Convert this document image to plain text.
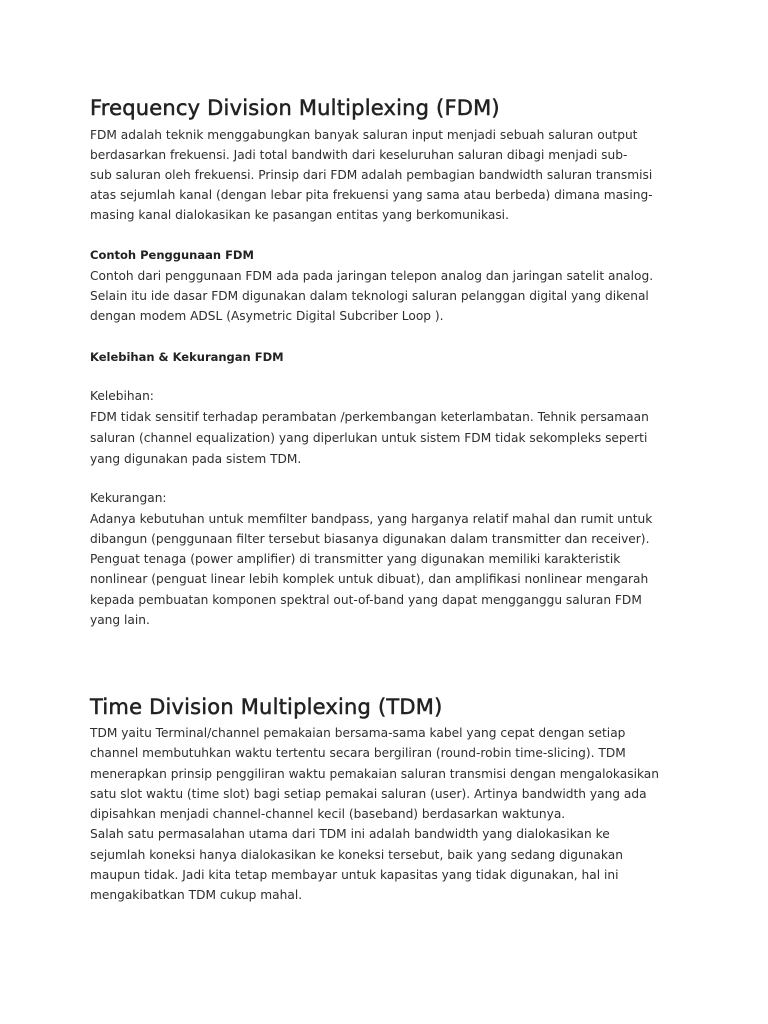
Frequency Division Multiplexing (FDM)

FDM adalah teknik menggabungkan banyak saluran input menjadi sebuah saluran output

berdasarkan frekuensi. Jadi total bandwith dari keseluruhan saluran dibagi menjadi sub-

sub saluran oleh frekuensi. Prinsip dari FDM adalah pembagian bandwidth saluran transmisi

atas sejumlah kanal (dengan lebar pita frekuensi yang sama atau berbeda) dimana masing-

masing kanal dialokasikan ke pasangan entitas yang berkomunikasi.

Contoh Penggunaan FDM

Contoh dari penggunaan FDM ada pada jaringan telepon analog dan jaringan satelit analog.

Selain itu ide dasar FDM digunakan dalam teknologi saluran pelanggan digital yang dikenal

dengan modem ADSL (Asymetric Digital Subcriber Loop ).

Kelebihan & Kekurangan FDM

Kelebihan:

FDM tidak sensitif terhadap perambatan /perkembangan keterlambatan. Tehnik persamaan

saluran (channel equalization) yang diperlukan untuk sistem FDM tidak sekompleks seperti

yang digunakan pada sistem TDM.

Kekurangan:

Adanya kebutuhan untuk memfilter bandpass, yang harganya relatif mahal dan rumit untuk

dibangun (penggunaan filter tersebut biasanya digunakan dalam transmitter dan receiver).

Penguat tenaga (power amplifier) di transmitter yang digunakan memiliki karakteristik

nonlinear (penguat linear lebih komplek untuk dibuat), dan amplifikasi nonlinear mengarah

kepada pembuatan komponen spektral out-of-band yang dapat mengganggu saluran FDM

yang lain.

Time Division Multiplexing (TDM)

TDM yaitu Terminal/channel pemakaian bersama-sama kabel yang cepat dengan setiap

channel membutuhkan waktu tertentu secara bergiliran (round-robin time-slicing). TDM

menerapkan prinsip penggiliran waktu pemakaian saluran transmisi dengan mengalokasikan

satu slot waktu (time slot) bagi setiap pemakai saluran (user). Artinya bandwidth yang ada

dipisahkan menjadi channel-channel kecil (baseband) berdasarkan waktunya.

Salah satu permasalahan utama dari TDM ini adalah bandwidth yang dialokasikan ke

sejumlah koneksi hanya dialokasikan ke koneksi tersebut, baik yang sedang digunakan

maupun tidak. Jadi kita tetap membayar untuk kapasitas yang tidak digunakan, hal ini

mengakibatkan TDM cukup mahal.
